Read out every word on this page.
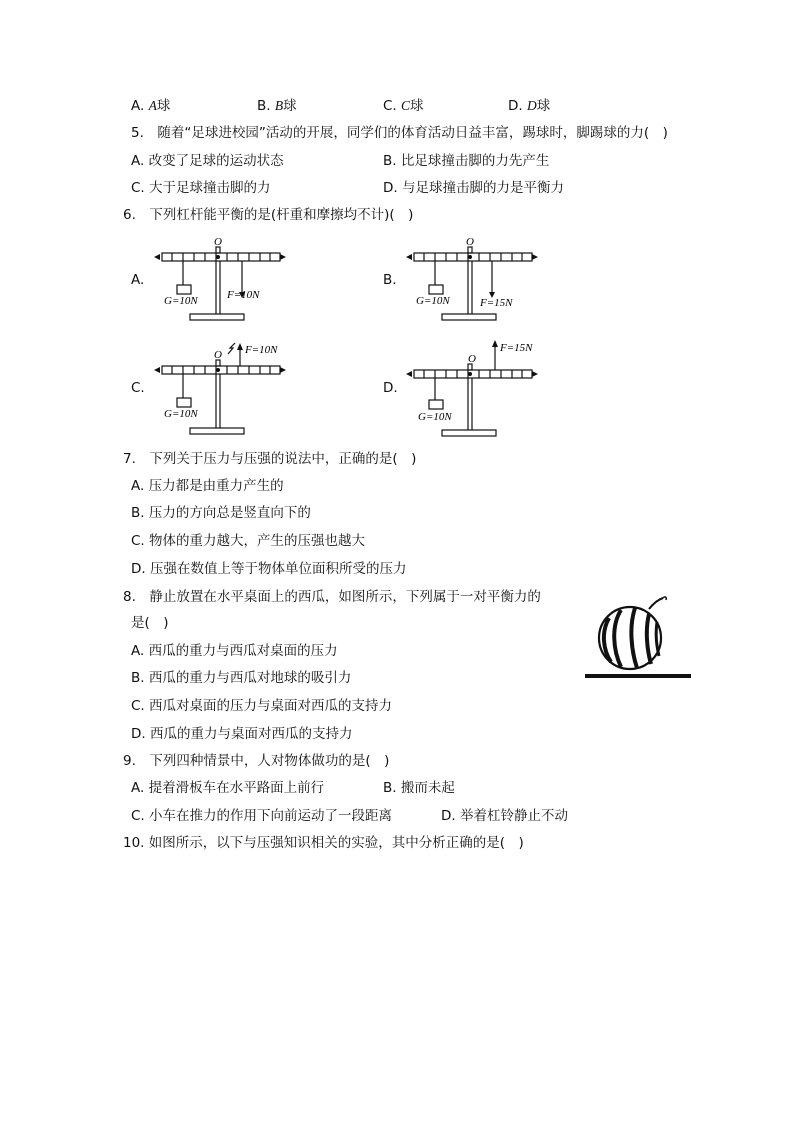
A. A球	B. B球	C. C球	D. D球
5.　随着“足球进校园”活动的开展，同学们的体育活动日益丰富，踢球时，脚踢球的力(　)
A. 改变了足球的运动状态	B. 比足球撞击脚的力先产生
C. 大于足球撞击脚的力	D. 与足球撞击脚的力是平衡力
6.　下列杠杆能平衡的是(杆重和摩擦均不计)(　)
A.	B.
C.	D.
O
G=10N	F=10N
O
G=10N	F=15N
O
G=10N
F=10N
O
G=10N
F=15N
7.　下列关于压力与压强的说法中，正确的是(　)
A. 压力都是由重力产生的
B. 压力的方向总是竖直向下的
C. 物体的重力越大，产生的压强也越大
D. 压强在数值上等于物体单位面积所受的压力
8.　静止放置在水平桌面上的西瓜，如图所示，下列属于一对平衡力的
是(　)
A. 西瓜的重力与西瓜对桌面的压力
B. 西瓜的重力与西瓜对地球的吸引力
C. 西瓜对桌面的压力与桌面对西瓜的支持力
D. 西瓜的重力与桌面对西瓜的支持力
9.　下列四种情景中，人对物体做功的是(　)
A. 提着滑板车在水平路面上前行	B. 搬而未起
C. 小车在推力的作用下向前运动了一段距离	D. 举着杠铃静止不动
10. 如图所示，以下与压强知识相关的实验，其中分析正确的是(　)
